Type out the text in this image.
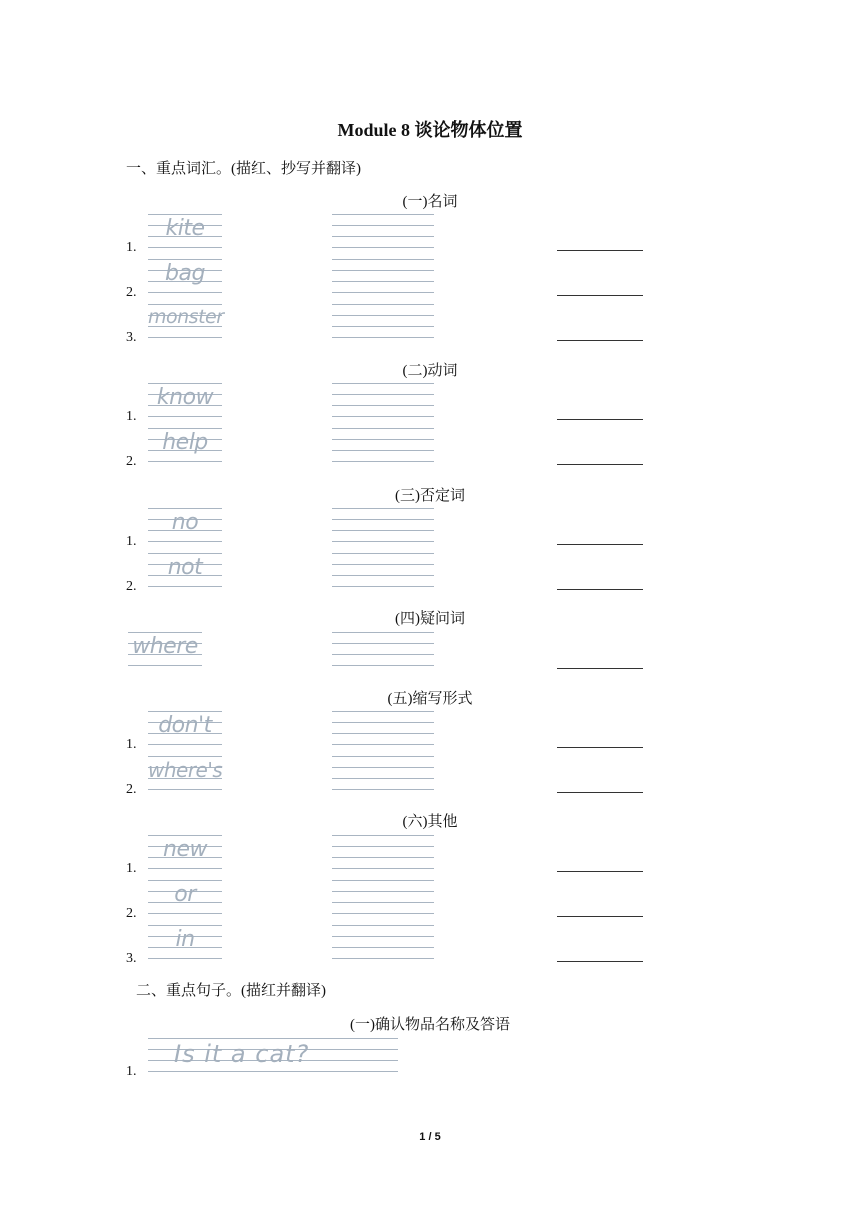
Module 8 谈论物体位置
一、重点词汇。(描红、抄写并翻译)
(一)名词
1.
kite
2.
bag
3.
monster
(二)动词
1.
know
2.
help
(三)否定词
1.
no
2.
not
(四)疑问词
where
(五)缩写形式
1.
don't
2.
where's
(六)其他
1.
new
2.
or
3.
in
二、重点句子。(描红并翻译)
(一)确认物品名称及答语
1.
Is it a cat?
1 / 5
